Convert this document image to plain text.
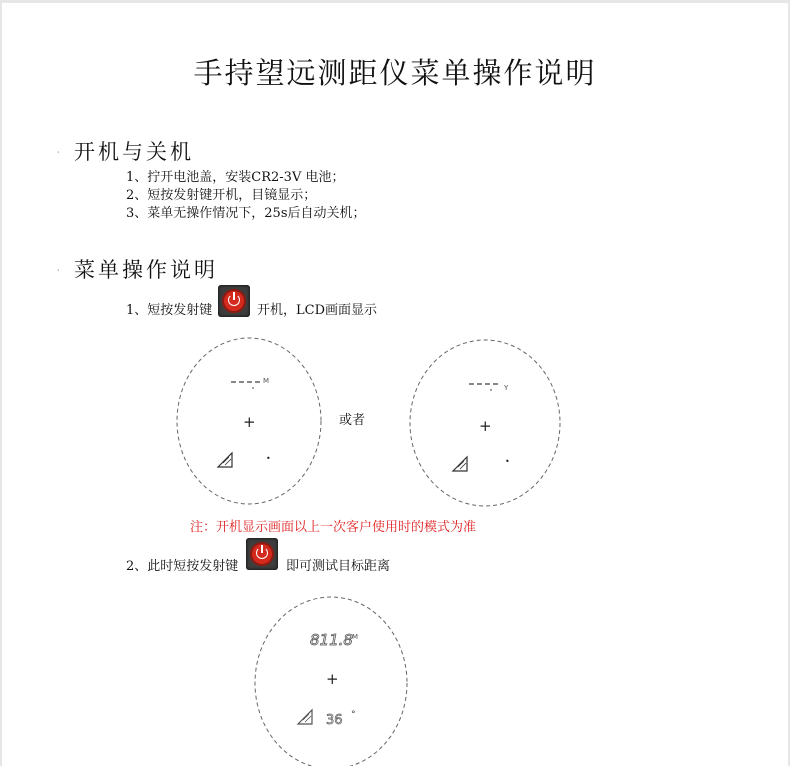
手持望远测距仪菜单操作说明
· 开机与关机
1、拧开电池盖，安装CR2-3V 电池；
2、短按发射键开机，目镜显示；
3、菜单无操作情况下，25s后自动关机；
· 菜单操作说明
1、短按发射键	开机，LCD画面显示
M
+
•
或者
Y
+
•
注：开机显示画面以上一次客户使用时的模式为准
2、此时短按发射键	即可测试目标距离
811.8 M
+
36 °
